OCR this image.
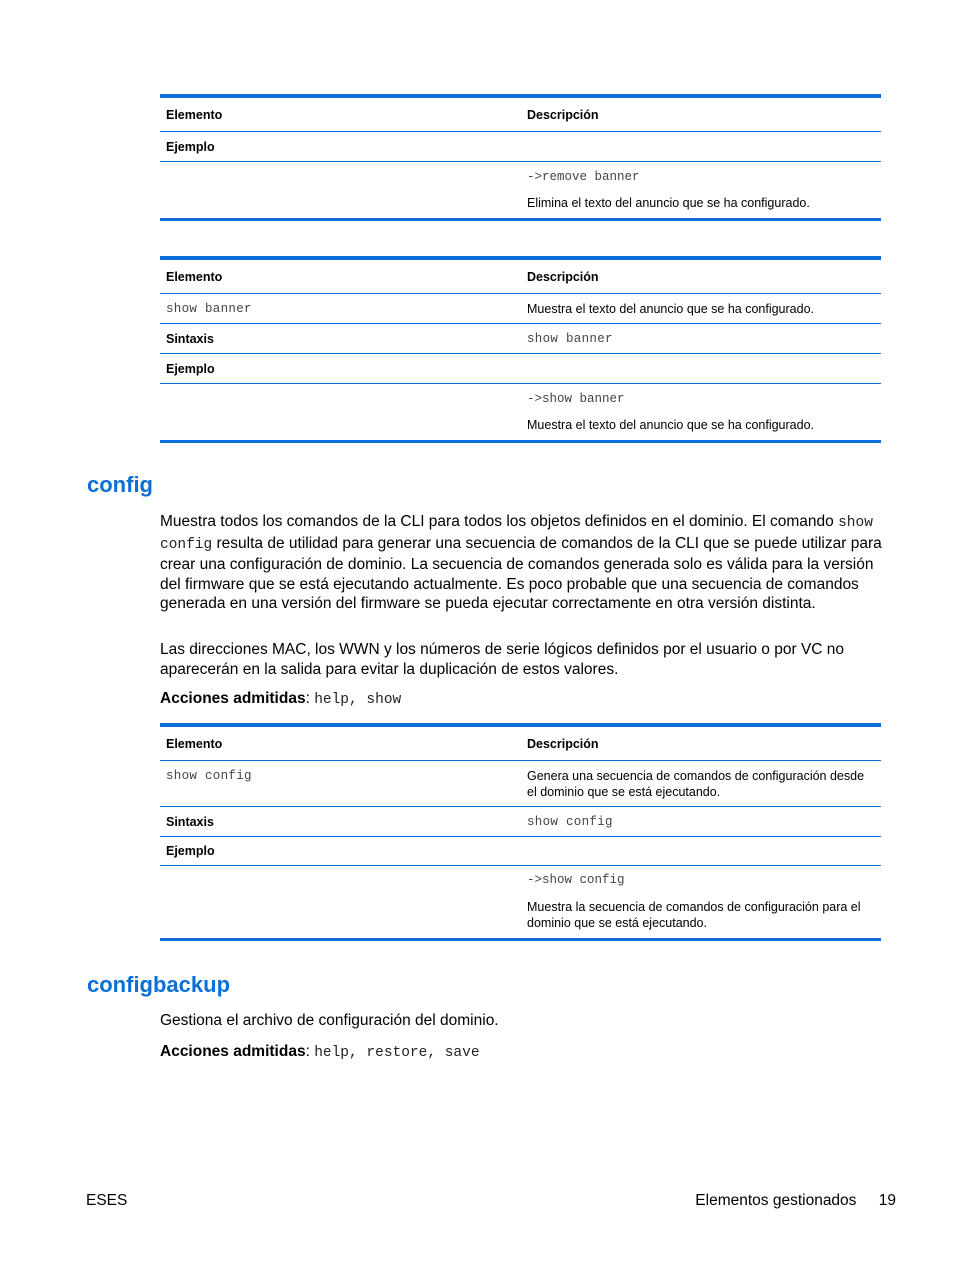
Elemento	Descripción
Ejemplo
->remove banner
Elimina el texto del anuncio que se ha configurado.
Elemento	Descripción
show banner	Muestra el texto del anuncio que se ha configurado.
Sintaxis	show banner
Ejemplo
->show banner
Muestra el texto del anuncio que se ha configurado.
config

Muestra todos los comandos de la CLI para todos los objetos definidos en el dominio. El comando show config resulta de utilidad para generar una secuencia de comandos de la CLI que se puede utilizar para crear una configuración de dominio. La secuencia de comandos generada solo es válida para la versión del firmware que se está ejecutando actualmente. Es poco probable que una secuencia de comandos generada en una versión del firmware se pueda ejecutar correctamente en otra versión distinta.

Las direcciones MAC, los WWN y los números de serie lógicos definidos por el usuario o por VC no aparecerán en la salida para evitar la duplicación de estos valores.

Acciones admitidas: help, show

Elemento	Descripción
show config	Genera una secuencia de comandos de configuración desde el dominio que se está ejecutando.
Sintaxis	show config
Ejemplo
->show config
Muestra la secuencia de comandos de configuración para el dominio que se está ejecutando.
configbackup

Gestiona el archivo de configuración del dominio.

Acciones admitidas: help, restore, save

ESES	Elementos gestionados 19
